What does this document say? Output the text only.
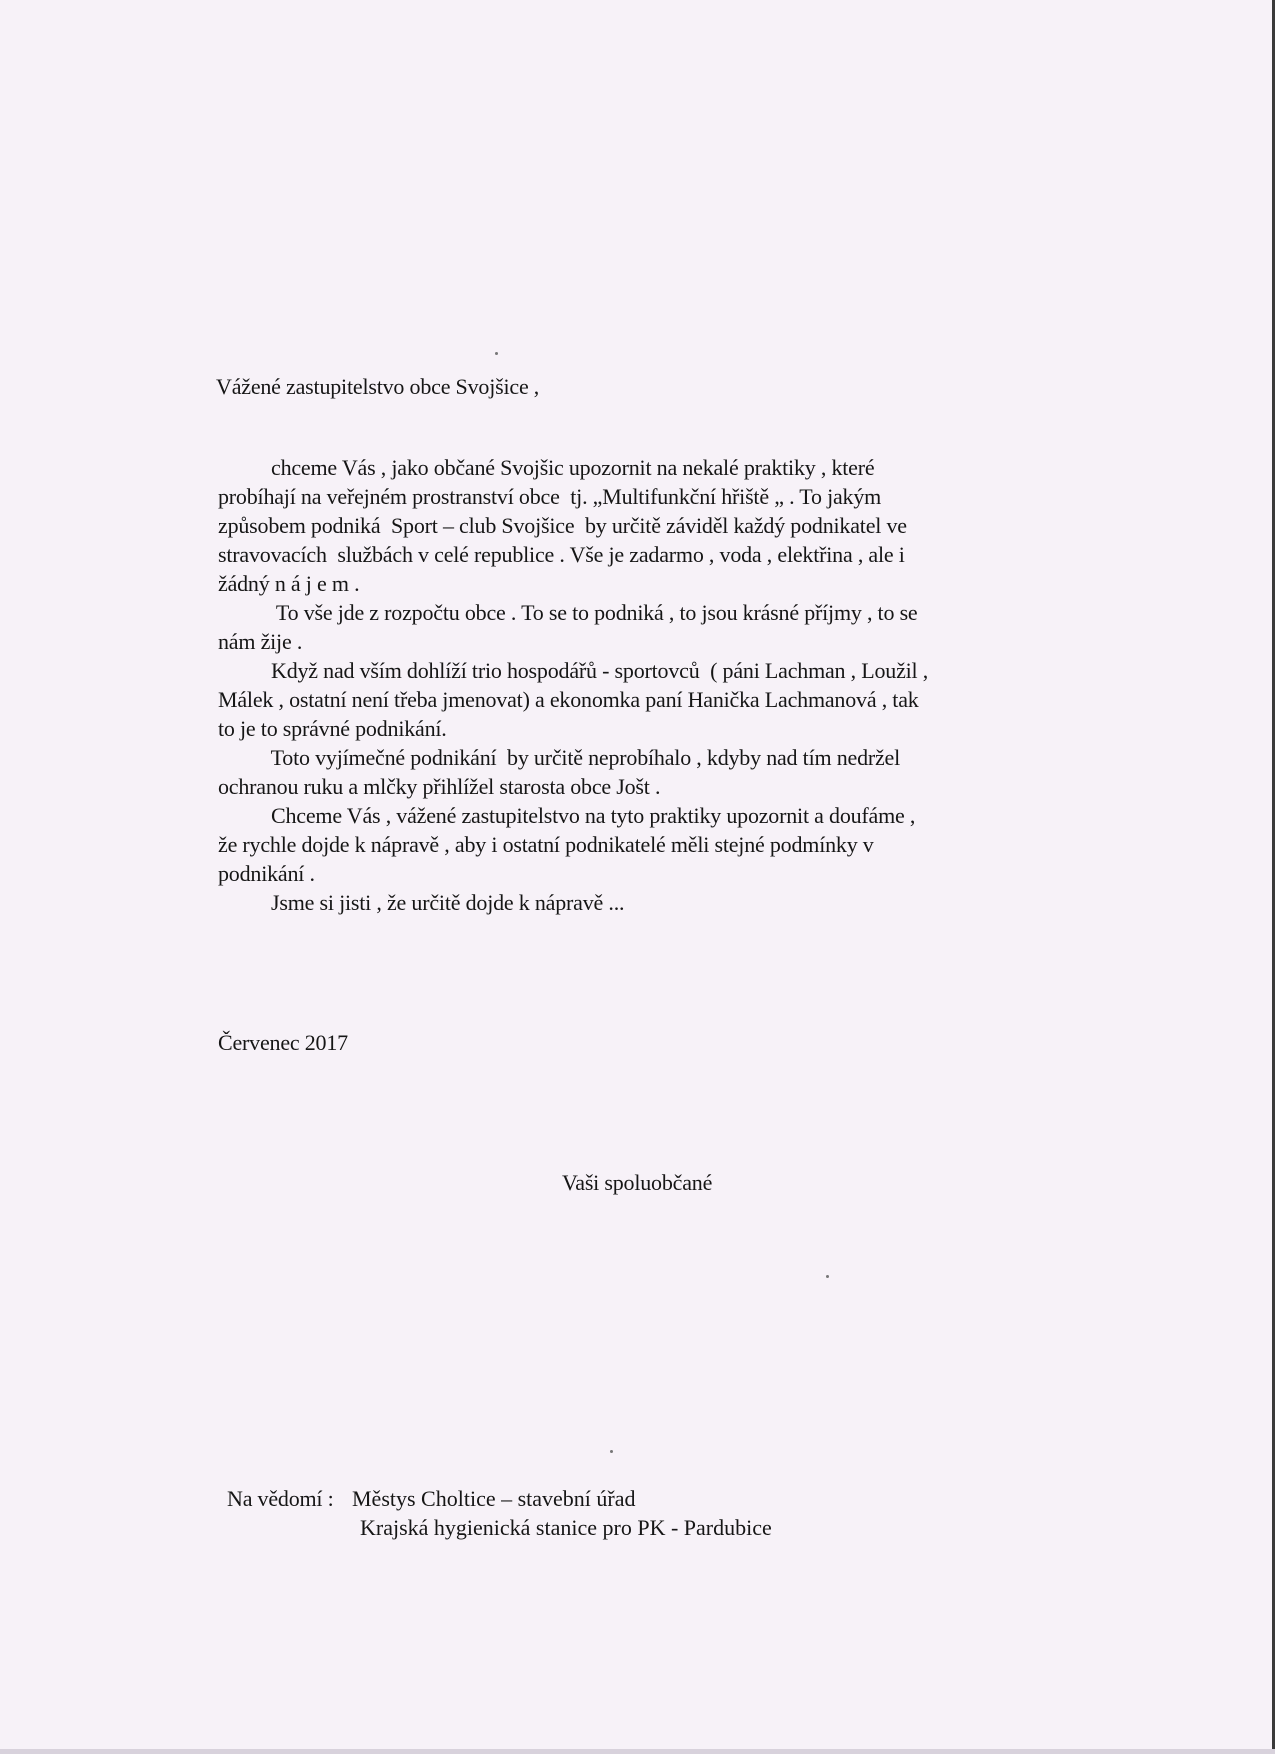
Vážené zastupitelstvo obce Svojšice ,
chceme Vás , jako občané Svojšic upozornit na nekalé praktiky , které
probíhají na veřejném prostranství obce  tj. „Multifunkční hřiště „ . To jakým
způsobem podniká  Sport – club Svojšice  by určitě záviděl každý podnikatel ve
stravovacích  službách v celé republice . Vše je zadarmo , voda , elektřina , ale i
žádný n á j e m .
To vše jde z rozpočtu obce . To se to podniká , to jsou krásné příjmy , to se
nám žije .
Když nad vším dohlíží trio hospodářů - sportovců  ( páni Lachman , Loužil ,
Málek , ostatní není třeba jmenovat) a ekonomka paní Hanička Lachmanová , tak
to je to správné podnikání.
Toto vyjímečné podnikání  by určitě neprobíhalo , kdyby nad tím nedržel
ochranou ruku a mlčky přihlížel starosta obce Jošt .
Chceme Vás , vážené zastupitelstvo na tyto praktiky upozornit a doufáme ,
že rychle dojde k nápravě , aby i ostatní podnikatelé měli stejné podmínky v
podnikání .
Jsme si jisti , že určitě dojde k nápravě ...
Červenec 2017
Vaši spoluobčané
Na vědomí : Městys Choltice – stavební úřad
Krajská hygienická stanice pro PK - Pardubice
